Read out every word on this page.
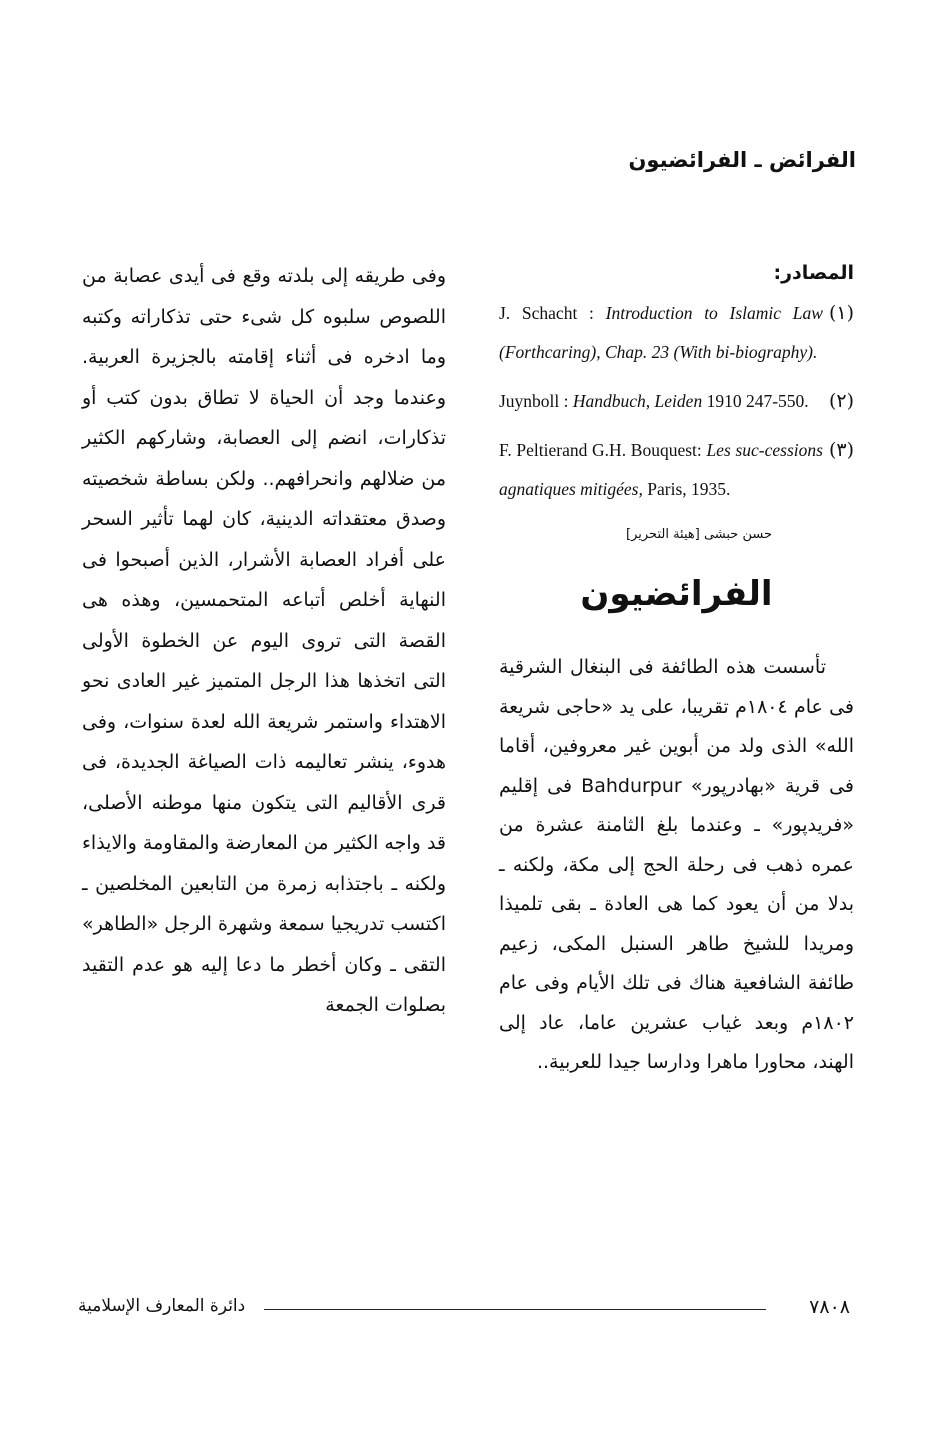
الفرائض ـ الفرائضيون
المصادر:
(١)
J. Schacht : Introduction to Islamic Law (Forthcaring), Chap. 23 (With bi-biography).
(٢)
Juynboll : Handbuch, Leiden 1910 247-550.
(٣)
F. Peltierand G.H. Bouquest: Les suc-cessions agnatiques mitigées, Paris, 1935.
حسن حبشى [هيئة التحرير]
الفرائضيون

تأسست هذه الطائفة فى البنغال الشرقية فى عام ١٨٠٤م تقريبا، على يد «حاجى شريعة الله» الذى ولد من أبوين غير معروفين، أقاما فى قرية «بهادرپور» Bahdurpur فى إقليم «فريدپور» ـ وعندما بلغ الثامنة عشرة من عمره ذهب فى رحلة الحج إلى مكة، ولكنه ـ بدلا من أن يعود كما هى العادة ـ بقى تلميذا ومريدا للشيخ طاهر السنبل المكى، زعيم طائفة الشافعية هناك فى تلك الأيام وفى عام ١٨٠٢م وبعد غياب عشرين عاما، عاد إلى الهند، محاورا ماهرا ودارسا جيدا للعربية..

وفى طريقه إلى بلدته وقع فى أيدى عصابة من اللصوص سلبوه كل شىء حتى تذكاراته وكتبه وما ادخره فى أثناء إقامته بالجزيرة العربية. وعندما وجد أن الحياة لا تطاق بدون كتب أو تذكارات، انضم إلى العصابة، وشاركهم الكثير من ضلالهم وانحرافهم.. ولكن بساطة شخصيته وصدق معتقداته الدينية، كان لهما تأثير السحر على أفراد العصابة الأشرار، الذين أصبحوا فى النهاية أخلص أتباعه المتحمسين، وهذه هى القصة التى تروى اليوم عن الخطوة الأولى التى اتخذها هذا الرجل المتميز غير العادى نحو الاهتداء واستمر شريعة الله لعدة سنوات، وفى هدوء، ينشر تعاليمه ذات الصياغة الجديدة، فى قرى الأقاليم التى يتكون منها موطنه الأصلى، قد واجه الكثير من المعارضة والمقاومة والايذاء ولكنه ـ باجتذابه زمرة من التابعين المخلصين ـ اكتسب تدريجيا سمعة وشهرة الرجل «الطاهر» التقى ـ وكان أخطر ما دعا إليه هو عدم التقيد بصلوات الجمعة

٧٨٠٨
دائرة المعارف الإسلامية
